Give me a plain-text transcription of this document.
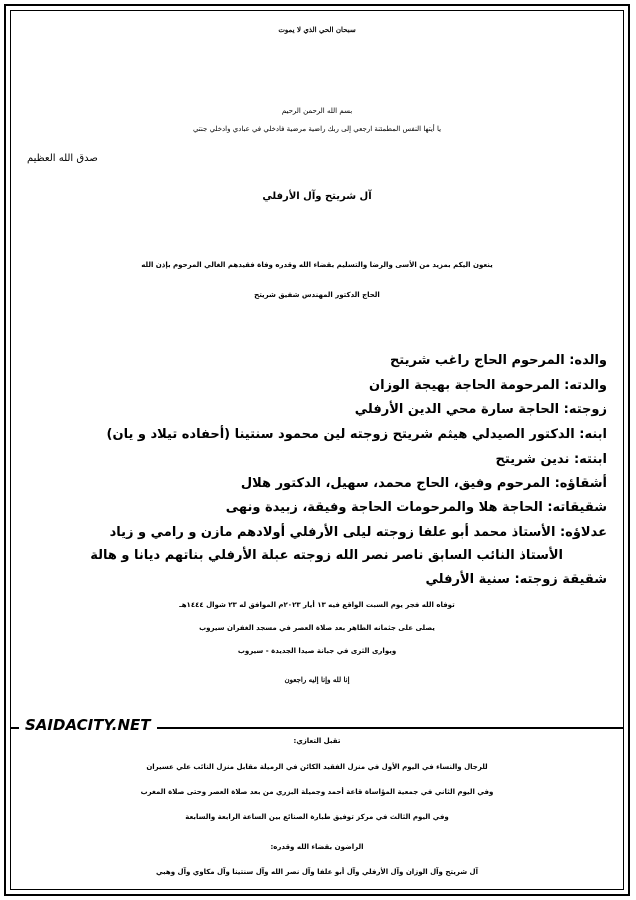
سبحان الحي الذي لا يموت
بسم الله الرحمن الرحيم
يا أيتها النفس المطمئنة ارجعي إلى ربك راضية مرضية فادخلي في عبادي وادخلي جنتي
صدق الله العظيم
آل شريتح وآل الأرفلي
ينعون اليكم بمزيد من الأسى والرضا والتسليم بقضاء الله وقدره وفاة فقيدهم الغالي المرحوم بإذن الله
الحاج الدكتور المهندس شفيق شريتح
والده: المرحوم الحاج راغب شريتح
والدته: المرحومة الحاجة بهيجة الوزان
زوجته: الحاجة سارة محي الدين الأرفلي
ابنه: الدكتور الصيدلي هيثم شريتح زوجته لين محمود سنتينا (أحفاده تيلاد و يان)
ابنته: ندين شريتح
أشقاؤه: المرحوم وفيق، الحاج محمد، سهيل، الدكتور هلال
شقيقاته: الحاجة هلا والمرحومات الحاجة وفيقة، زبيدة ونهى
عدلاؤه: الأستاذ محمد أبو علفا زوجته ليلى الأرفلي أولادهم مازن و رامي و زياد
الأستاذ النائب السابق ناصر نصر الله زوجته عبلة الأرفلي بناتهم ديانا و هالة
شقيقة زوجته: سنية الأرفلي
توفاه الله فجر يوم السبت الواقع فيه ١٣ أيار ٢٠٢٣م الموافق له ٢٣ شوال ١٤٤٤هـ
يصلى على جثمانه الطاهر بعد صلاة العصر في مسجد الغفران سيروب
ويوارى الثرى في جبانة صيدا الجديدة - سيروب
إنا لله وإنا إليه راجعون
SAIDACITY.NET
تقبل التعازي:
للرجال والنساء في اليوم الأول في منزل الفقيد الكائن في الرميلة مقابل منزل النائب علي عسيران
وفي اليوم الثاني في جمعية المؤاساة قاعة أحمد وجميلة البزري من بعد صلاة العصر وحتى صلاة المغرب
وفي اليوم الثالث في مركز توفيق طبارة الصنائع بين الساعة الرابعة والسابعة
الراضون بقضاء الله وقدره:
آل شريتح وآل الوزان وآل الأرفلي وآل أبو علفا وآل نصر الله وآل سنتينا وآل مكاوي وآل وهبي
